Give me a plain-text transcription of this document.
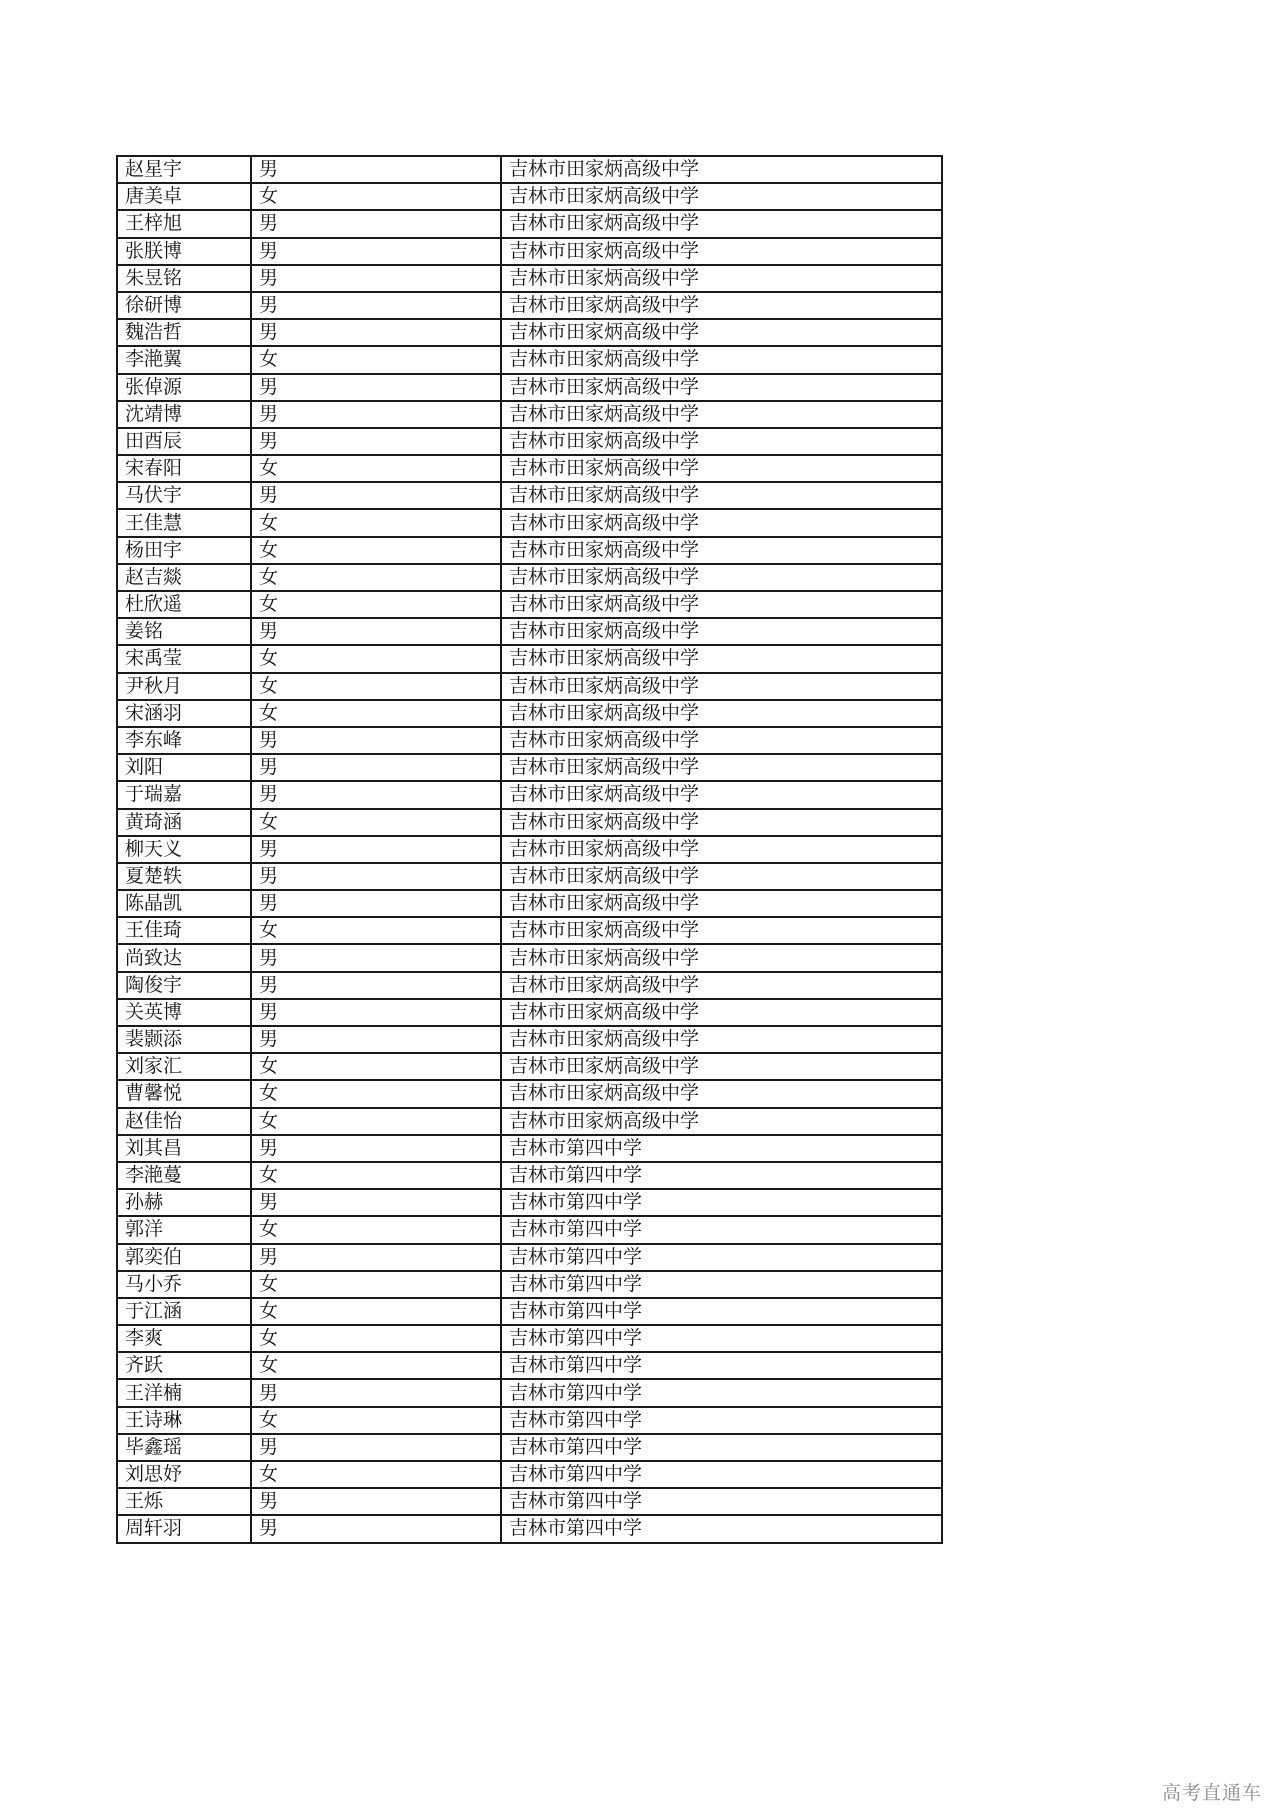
赵星宇	男	吉林市田家炳高级中学
唐美卓	女	吉林市田家炳高级中学
王梓旭	男	吉林市田家炳高级中学
张朕博	男	吉林市田家炳高级中学
朱昱铭	男	吉林市田家炳高级中学
徐研博	男	吉林市田家炳高级中学
魏浩哲	男	吉林市田家炳高级中学
李滟翼	女	吉林市田家炳高级中学
张倬源	男	吉林市田家炳高级中学
沈靖博	男	吉林市田家炳高级中学
田酉辰	男	吉林市田家炳高级中学
宋春阳	女	吉林市田家炳高级中学
马伏宇	男	吉林市田家炳高级中学
王佳慧	女	吉林市田家炳高级中学
杨田宇	女	吉林市田家炳高级中学
赵吉燚	女	吉林市田家炳高级中学
杜欣遥	女	吉林市田家炳高级中学
姜铭	男	吉林市田家炳高级中学
宋禹莹	女	吉林市田家炳高级中学
尹秋月	女	吉林市田家炳高级中学
宋涵羽	女	吉林市田家炳高级中学
李东峰	男	吉林市田家炳高级中学
刘阳	男	吉林市田家炳高级中学
于瑞嘉	男	吉林市田家炳高级中学
黄琦涵	女	吉林市田家炳高级中学
柳天义	男	吉林市田家炳高级中学
夏楚轶	男	吉林市田家炳高级中学
陈晶凯	男	吉林市田家炳高级中学
王佳琦	女	吉林市田家炳高级中学
尚致达	男	吉林市田家炳高级中学
陶俊宇	男	吉林市田家炳高级中学
关英博	男	吉林市田家炳高级中学
裴颢添	男	吉林市田家炳高级中学
刘家汇	女	吉林市田家炳高级中学
曹馨悦	女	吉林市田家炳高级中学
赵佳怡	女	吉林市田家炳高级中学
刘其昌	男	吉林市第四中学
李滟蔓	女	吉林市第四中学
孙赫	男	吉林市第四中学
郭洋	女	吉林市第四中学
郭奕伯	男	吉林市第四中学
马小乔	女	吉林市第四中学
于江涵	女	吉林市第四中学
李爽	女	吉林市第四中学
齐跃	女	吉林市第四中学
王洋楠	男	吉林市第四中学
王诗琳	女	吉林市第四中学
毕鑫瑶	男	吉林市第四中学
刘思妤	女	吉林市第四中学
王烁	男	吉林市第四中学
周轩羽	男	吉林市第四中学
高考直通车
